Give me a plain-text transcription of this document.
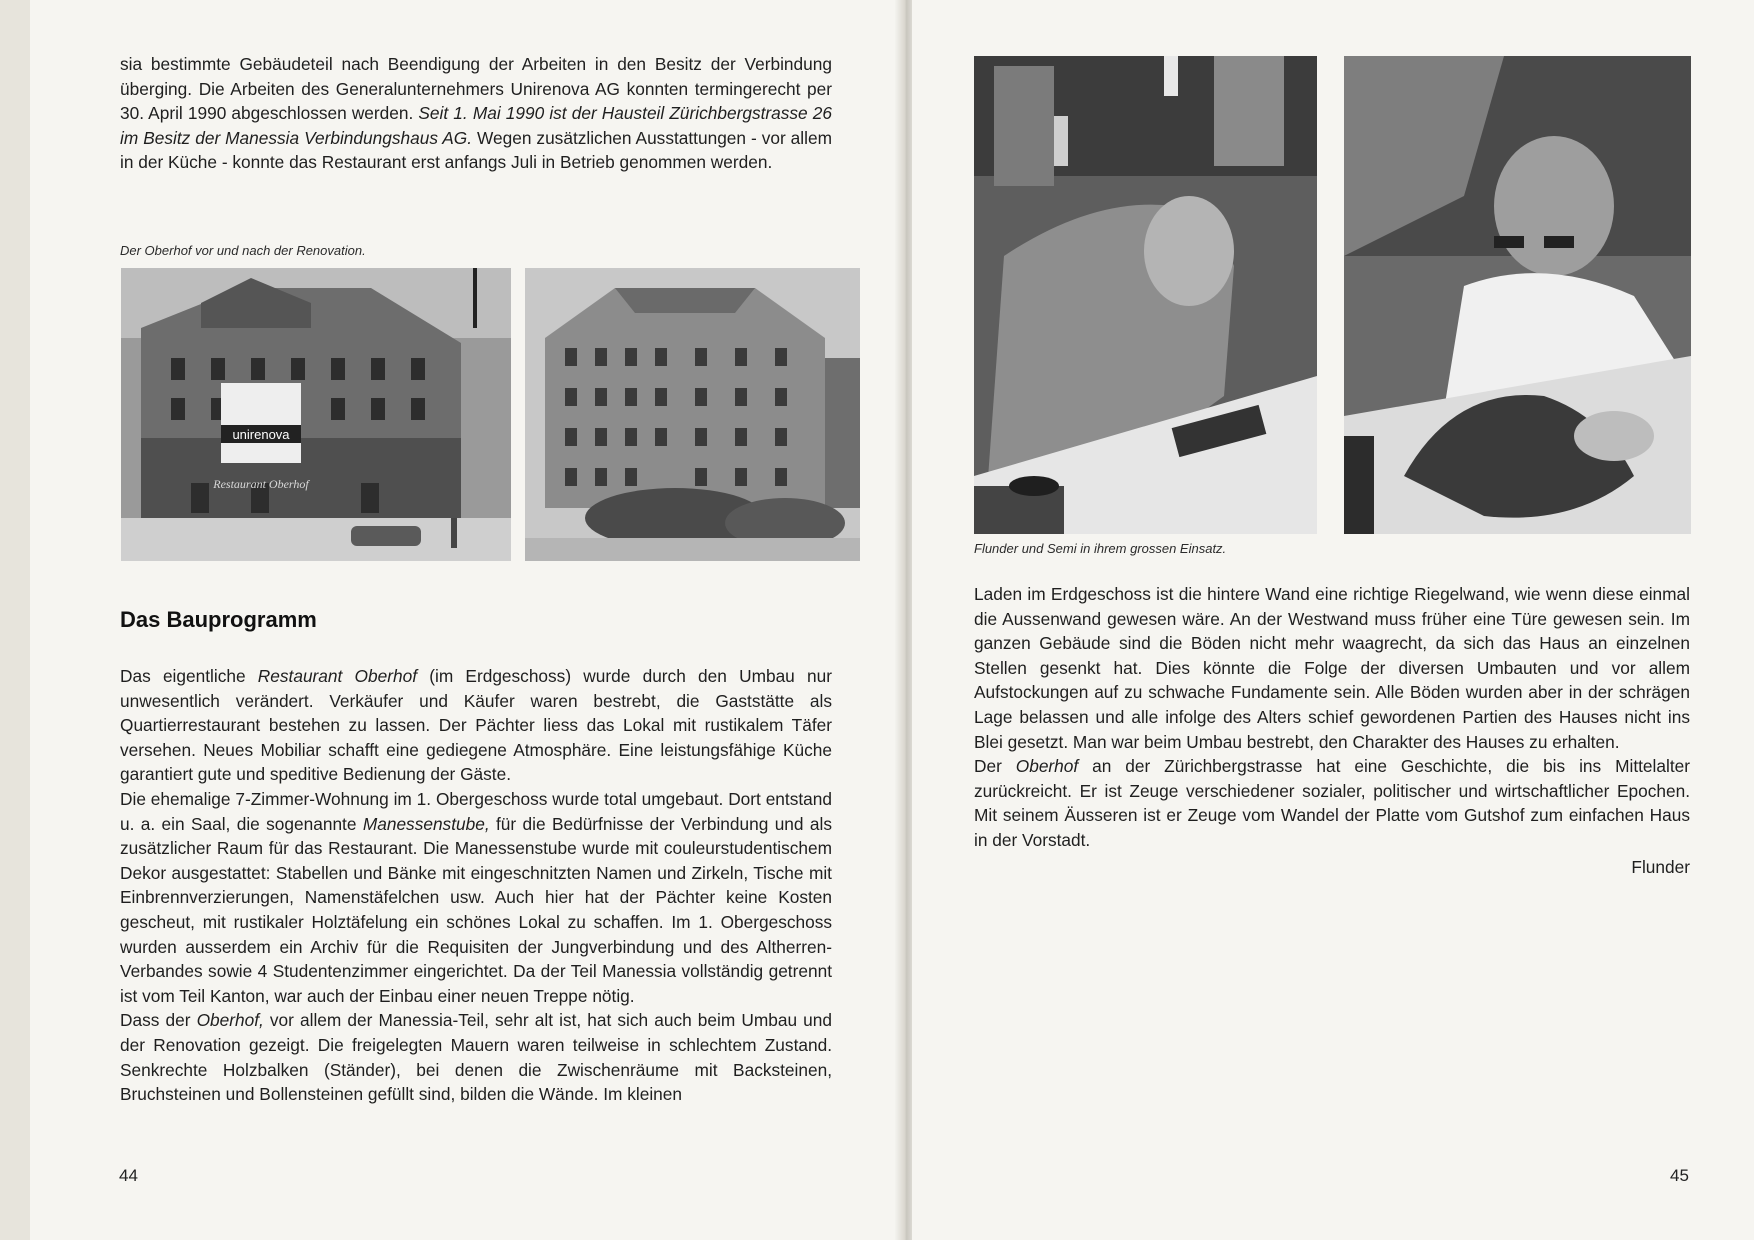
sia bestimmte Gebäudeteil nach Beendigung der Arbeiten in den Besitz der Verbindung überging. Die Arbeiten des Generalunternehmers Unirenova AG konnten termingerecht per 30. April 1990 abgeschlossen werden. Seit 1. Mai 1990 ist der Hausteil Zürichbergstrasse 26 im Besitz der Manessia Verbindungshaus AG. Wegen zusätzlichen Ausstattungen - vor allem in der Küche - konnte das Restaurant erst anfangs Juli in Betrieb genommen werden.

Der Oberhof vor und nach der Renovation.
unirenova
Restaurant Oberhof
Das Bauprogramm

Das eigentliche Restaurant Oberhof (im Erdgeschoss) wurde durch den Umbau nur unwesentlich verändert. Verkäufer und Käufer waren bestrebt, die Gaststätte als Quartierrestaurant bestehen zu lassen. Der Pächter liess das Lokal mit rustikalem Täfer versehen. Neues Mobiliar schafft eine gediegene Atmosphäre. Eine leistungsfähige Küche garantiert gute und speditive Bedienung der Gäste.

Die ehemalige 7-Zimmer-Wohnung im 1. Obergeschoss wurde total umgebaut. Dort entstand u. a. ein Saal, die sogenannte Manessenstube, für die Bedürfnisse der Verbindung und als zusätzlicher Raum für das Restaurant. Die Manessenstube wurde mit couleurstudentischem Dekor ausgestattet: Stabellen und Bänke mit eingeschnitzten Namen und Zirkeln, Tische mit Einbrennverzierungen, Namenstäfelchen usw. Auch hier hat der Pächter keine Kosten gescheut, mit rustikaler Holztäfelung ein schönes Lokal zu schaffen. Im 1. Obergeschoss wurden ausserdem ein Archiv für die Requisiten der Jungverbindung und des Altherren-Verbandes sowie 4 Studentenzimmer eingerichtet. Da der Teil Manessia vollständig getrennt ist vom Teil Kanton, war auch der Einbau einer neuen Treppe nötig.

Dass der Oberhof, vor allem der Manessia-Teil, sehr alt ist, hat sich auch beim Umbau und der Renovation gezeigt. Die freigelegten Mauern waren teilweise in schlechtem Zustand. Senkrechte Holzbalken (Ständer), bei denen die Zwischenräume mit Backsteinen, Bruchsteinen und Bollensteinen gefüllt sind, bilden die Wände. Im kleinen

44
Flunder und Semi in ihrem grossen Einsatz.

Laden im Erdgeschoss ist die hintere Wand eine richtige Riegelwand, wie wenn diese einmal die Aussenwand gewesen wäre. An der Westwand muss früher eine Türe gewesen sein. Im ganzen Gebäude sind die Böden nicht mehr waagrecht, da sich das Haus an einzelnen Stellen gesenkt hat. Dies könnte die Folge der diversen Umbauten und vor allem Aufstockungen auf zu schwache Fundamente sein. Alle Böden wurden aber in der schrägen Lage belassen und alle infolge des Alters schief gewordenen Partien des Hauses nicht ins Blei gesetzt. Man war beim Umbau bestrebt, den Charakter des Hauses zu erhalten.

Der Oberhof an der Zürichbergstrasse hat eine Geschichte, die bis ins Mittelalter zurückreicht. Er ist Zeuge verschiedener sozialer, politischer und wirtschaftlicher Epochen. Mit seinem Äusseren ist er Zeuge vom Wandel der Platte vom Gutshof zum einfachen Haus in der Vorstadt.

Flunder

45
